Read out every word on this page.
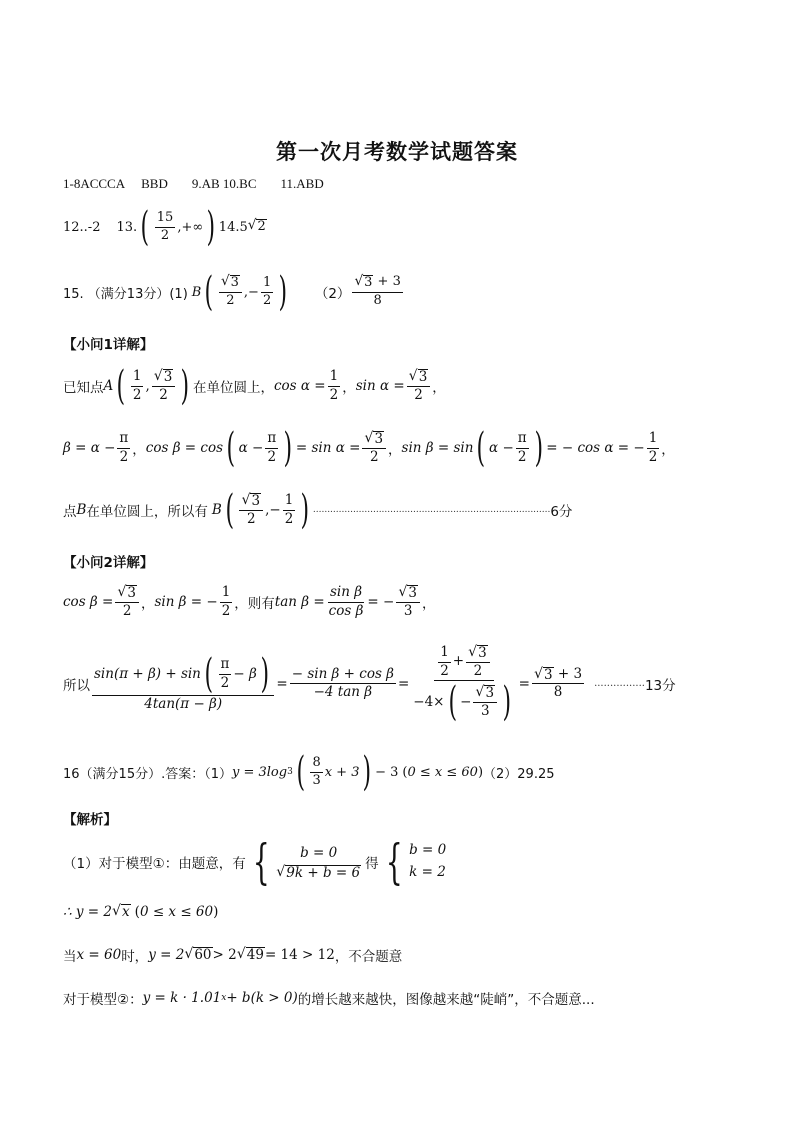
第一次月考数学试题答案
1-8ACCCA BBD 9.AB 10.BC 11.ABD
12..-2 13. ( $\frac{15}{2}$ ,+∞ ) 14. 5 √ 2
15. （满分13分）(1) B ( $\frac{√ 3}{2}$ ,− $\frac{1}{2}$ ) $(2) \frac{√ 3 + 3}{8}$
【小问1详解】
已知点 A ( $\frac{1}{2}$ , $\frac{√ 3}{2}$ ) 在单位圆上， $\cos \alpha = \frac{1}{2}$ ， $\sin \alpha = \frac{√ 3}{2}$ ，
$\beta = \alpha - \frac{\pi}{2}$ ， cos β = cos ( $\alpha - \frac{\pi}{2}$ ) = $\sin \alpha = \frac{√ 3}{2}$ ， sin β = sin ( $\alpha - \frac{\pi}{2}$ ) = − cos α = − $\frac{1}{2}$ ，
点 B 在单位圆上，所以有 B ( $\frac{√ 3}{2}$ ,− $\frac{1}{2}$ ) ................................................................................... 6分
【小问2详解】
$\cos \beta = \frac{√ 3}{2}$ ， sin β = − $\frac{1}{2}$ ，则有 $\tan \beta = \frac{\text{sin β}}{\text{cos β}}$ = − $\frac{√ 3}{3}$ ，
所以 $\frac{\sin(\pi + \beta) + \sin ( \frac{\pi}{2} - \beta )}{4\tan(\pi - \beta)} = \frac{\text{− sin β + cos β}}{\text{−4 tan β}} = \frac{\frac{1}{2} + \frac{√ 3}{2}}{-4\times ( - \frac{√ 3}{3} )} = \frac{√ 3 + 3}{8}$ ................ 13分
16（满分15分）.答案：（1） y = 3log 3 ( $\frac{8}{3}$ x + 3 ) − 3 ( 0 ≤ x ≤ 60 ) （2）29.25
【解析】
（1）对于模型①：由题意，有 {	b = 0
√ 9k + b = 6
得 { b = 0
k = 2
∴ y = 2 √ x ( 0 ≤ x ≤ 60 )
当 x = 60 时， y = 2 √ 60 > 2 √ 49 = 14 > 12 ，不合题意
对于模型②： y = k · 1.01 x + b(k > 0) 的增长越来越快，图像越来越“陡峭”，不合题意...
